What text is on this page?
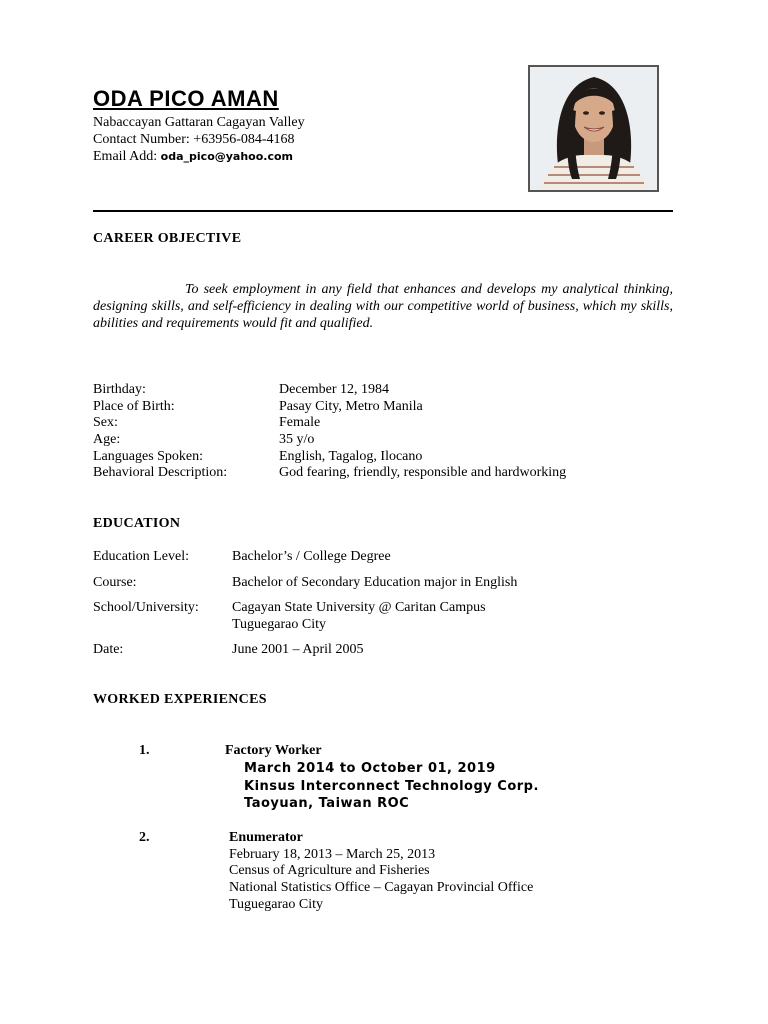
ODA PICO AMAN
Nabaccayan Gattaran Cagayan Valley
Contact Number: +63956-084-4168
Email Add: oda_pico@yahoo.com
CAREER OBJECTIVE
To seek employment in any field that enhances and develops my analytical thinking, designing skills, and self-efficiency in dealing with our competitive world of business, which my skills, abilities and requirements would fit and qualified.
Birthday:	December 12, 1984
Place of Birth:	Pasay City, Metro Manila
Sex:	Female
Age:	35 y/o
Languages Spoken:	English, Tagalog, Ilocano
Behavioral Description:	God fearing, friendly, responsible and hardworking
EDUCATION
Education Level:	Bachelor’s / College Degree
Course:	Bachelor of Secondary Education major in English
School/University: Cagayan State University @ Caritan Campus
Tuguegarao City
Date:	June 2001 – April 2005
WORKED EXPERIENCES
1.	Factory Worker
March 2014 to October 01, 2019
Kinsus Interconnect Technology Corp.
Taoyuan, Taiwan ROC
2.	Enumerator
February 18, 2013 – March 25, 2013
Census of Agriculture and Fisheries
National Statistics Office – Cagayan Provincial Office
Tuguegarao City
